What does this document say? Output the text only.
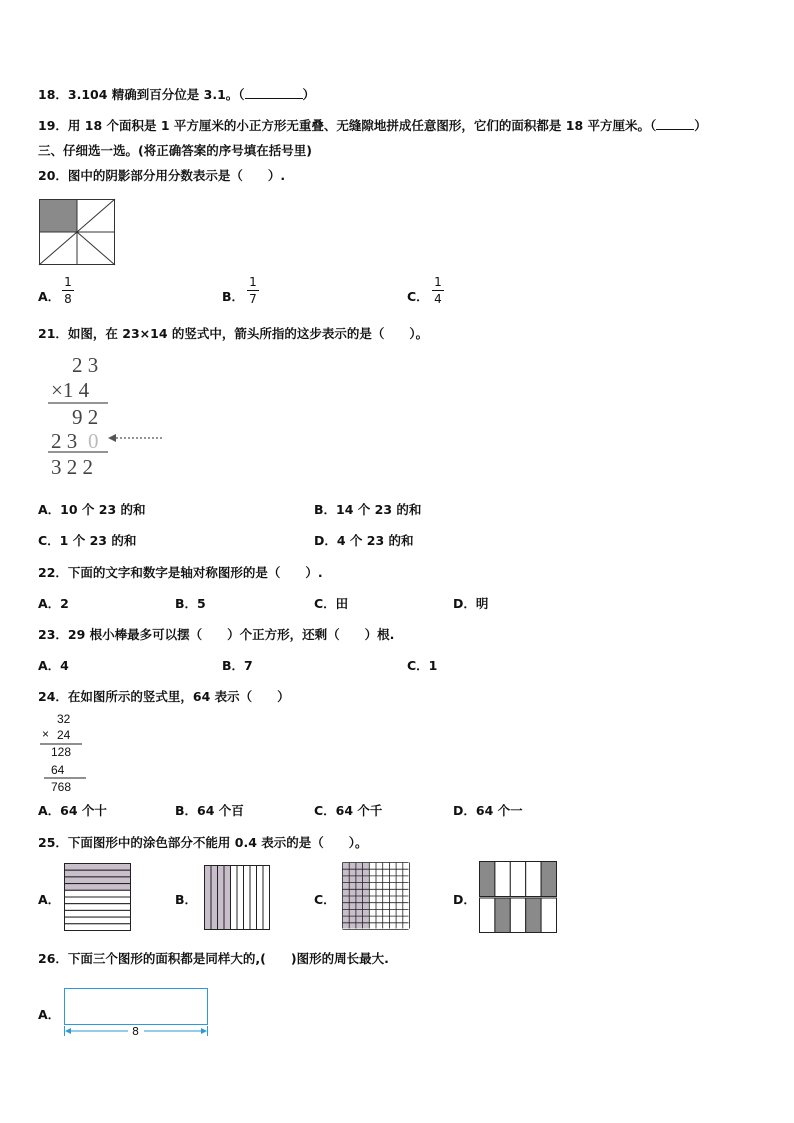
18．3.104 精确到百分位是 3.1。（	）
19．用 18 个面积是 1 平方厘米的小正方形无重叠、无缝隙地拼成任意图形，它们的面积都是 18 平方厘米。（	）
三、仔细选一选。(将正确答案的序号填在括号里)
20．图中的阴影部分用分数表示是（　　）.
A．
1
8	B．
1
7	C．
1
4
21．如图，在 23×14 的竖式中，箭头所指的这步表示的是（　　）。
2 3
×1 4
9 2
2 3 0
3 2 2
A．10 个 23 的和	B．14 个 23 的和
C．1 个 23 的和	D．4 个 23 的和
22．下面的文字和数字是轴对称图形的是（　　）.
A．2	B．5	C．田	D．明
23．29 根小棒最多可以摆（　　）个正方形，还剩（　　）根.
A．4	B．7	C．1
24．在如图所示的竖式里，64 表示（　　）
32
× 24
128
64
768
A．64 个十	B．64 个百	C．64 个千	D．64 个一
25．下面图形中的涂色部分不能用 0.4 表示的是（　　）。
A．	B．	C．	D．
26．下面三个图形的面积都是同样大的,(　　)图形的周长最大.
A．
8
